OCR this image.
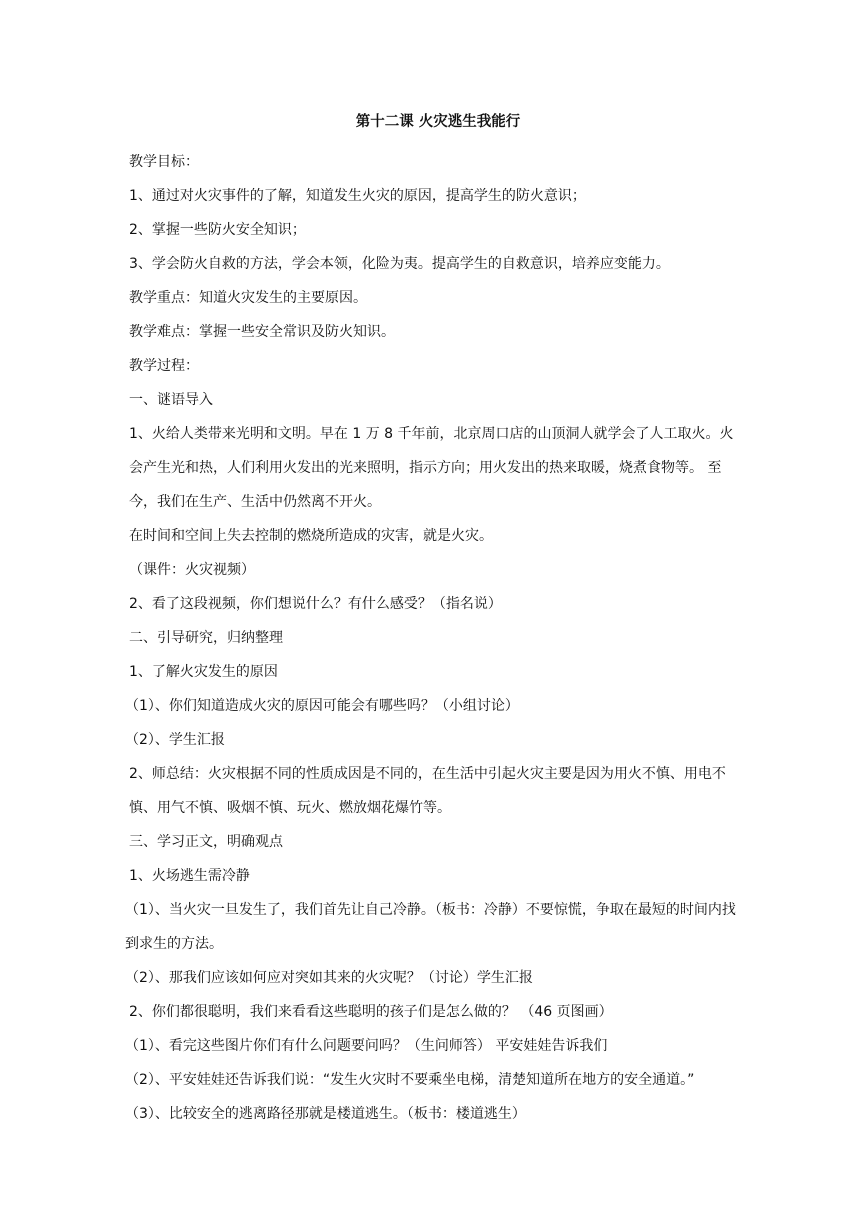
第十二课 火灾逃生我能行

教学目标：

1、通过对火灾事件的了解，知道发生火灾的原因，提高学生的防火意识；

2、掌握一些防火安全知识；

3、学会防火自救的方法，学会本领，化险为夷。提高学生的自救意识，培养应变能力。

教学重点：知道火灾发生的主要原因。

教学难点：掌握一些安全常识及防火知识。

教学过程：

一、谜语导入

1、火给人类带来光明和文明。早在 1 万 8 千年前，北京周口店的山顶洞人就学会了人工取火。火会产生光和热，人们利用火发出的光来照明，指示方向；用火发出的热来取暖，烧煮食物等。 至今，我们在生产、生活中仍然离不开火。

在时间和空间上失去控制的燃烧所造成的灾害，就是火灾。

（课件：火灾视频）

2、看了这段视频，你们想说什么？有什么感受？（指名说）

二、引导研究，归纳整理

1、了解火灾发生的原因

（1）、你们知道造成火灾的原因可能会有哪些吗？（小组讨论）

（2）、学生汇报

2、师总结：火灾根据不同的性质成因是不同的，在生活中引起火灾主要是因为用火不慎、用电不慎、用气不慎、吸烟不慎、玩火、燃放烟花爆竹等。

三、学习正文，明确观点

1、火场逃生需冷静

（1）、当火灾一旦发生了，我们首先让自己冷静。（板书：冷静）不要惊慌，争取在最短的时间内找到求生的方法。

（2）、那我们应该如何应对突如其来的火灾呢？（讨论）学生汇报

2、你们都很聪明，我们来看看这些聪明的孩子们是怎么做的？ （46 页图画）

（1）、看完这些图片你们有什么问题要问吗？（生问师答） 平安娃娃告诉我们

（2）、平安娃娃还告诉我们说：“发生火灾时不要乘坐电梯，清楚知道所在地方的安全通道。”

（3）、比较安全的逃离路径那就是楼道逃生。（板书：楼道逃生）
